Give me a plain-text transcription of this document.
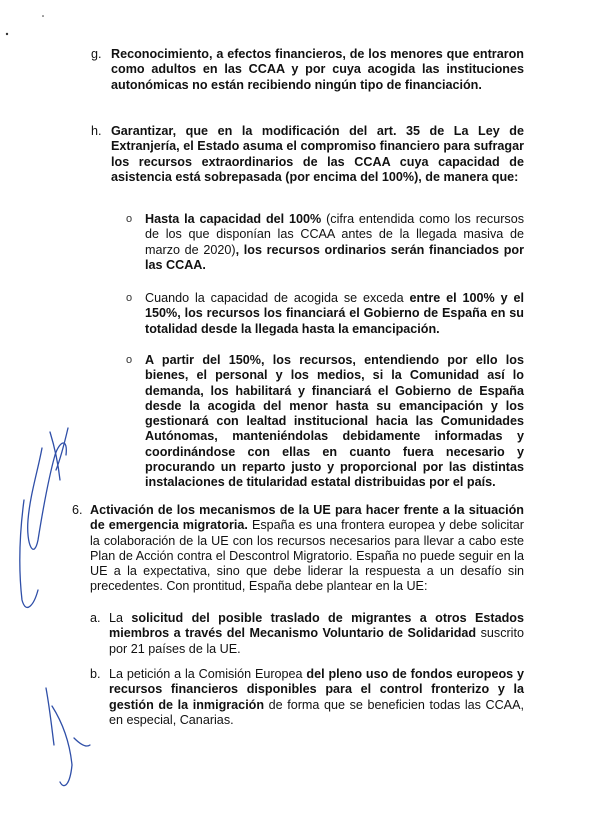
g. Reconocimiento, a efectos financieros, de los menores que entraron como adultos en las CCAA y por cuya acogida las instituciones autonómicas no están recibiendo ningún tipo de financiación.

h. Garantizar, que en la modificación del art. 35 de La Ley de Extranjería, el Estado asuma el compromiso financiero para sufragar los recursos extraordinarios de las CCAA cuya capacidad de asistencia está sobrepasada (por encima del 100%), de manera que:

o Hasta la capacidad del 100% (cifra entendida como los recursos de los que disponían las CCAA antes de la llegada masiva de marzo de 2020), los recursos ordinarios serán financiados por las CCAA.

o Cuando la capacidad de acogida se exceda entre el 100% y el 150%, los recursos los financiará el Gobierno de España en su totalidad desde la llegada hasta la emancipación.

o A partir del 150%, los recursos, entendiendo por ello los bienes, el personal y los medios, si la Comunidad así lo demanda, los habilitará y financiará el Gobierno de España desde la acogida del menor hasta su emancipación y los gestionará con lealtad institucional hacia las Comunidades Autónomas, manteniéndolas debidamente informadas y coordinándose con ellas en cuanto fuera necesario y procurando un reparto justo y proporcional por las distintas instalaciones de titularidad estatal distribuidas por el país.

6. Activación de los mecanismos de la UE para hacer frente a la situación de emergencia migratoria. España es una frontera europea y debe solicitar la colaboración de la UE con los recursos necesarios para llevar a cabo este Plan de Acción contra el Descontrol Migratorio. España no puede seguir en la UE a la expectativa, sino que debe liderar la respuesta a un desafío sin precedentes. Con prontitud, España debe plantear en la UE:

a. La solicitud del posible traslado de migrantes a otros Estados miembros a través del Mecanismo Voluntario de Solidaridad suscrito por 21 países de la UE.

b. La petición a la Comisión Europea del pleno uso de fondos europeos y recursos financieros disponibles para el control fronterizo y la gestión de la inmigración de forma que se beneficien todas las CCAA, en especial, Canarias.
